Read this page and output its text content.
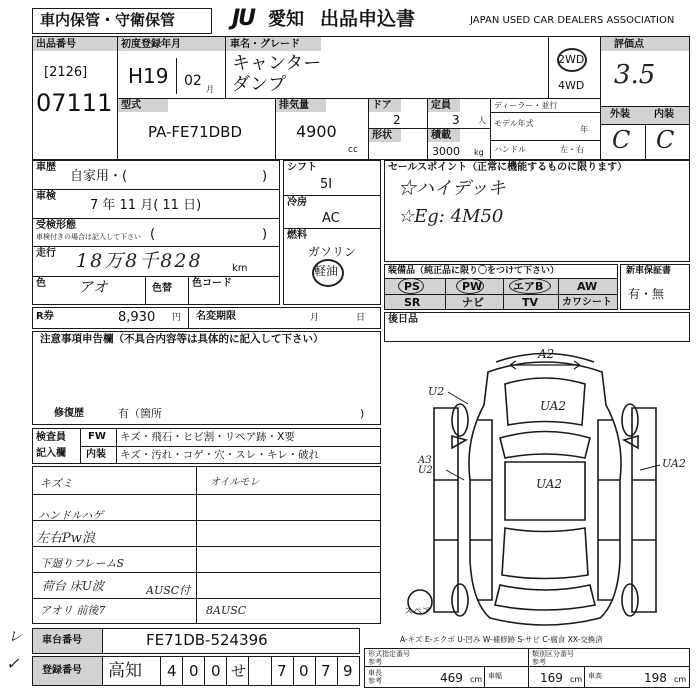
車内保管・守衛保管	JU 愛知 出品申込書	JAPAN USED CAR DEALERS ASSOCIATION
出品番号
[2126]
07111
初度登録年月
H19 02
月
車名・グレード
キャンター
ダンプ
2WD
4WD
評価点
3.5
型式
PA-FE71DBD
排気量
4900
cc
ドア
2
定員
3 人
形状	積載
3000 kg
ディーラー・並行
モデル年式
年
ハンドル	左・右
外装 内装
C C
車歴
自家用・(	)
車検
7 年 11 月( 11 日)
受検形態
車検付きの場合は記入して下さい (	)
走行 18万8千828	km
色 アオ	色替 色コード
シフト
5I
冷房
AC
燃料
ガソリン
軽油
セールスポイント（正常に機能するものに限ります）
☆ハイデッキ
☆Eg: 4M50
装備品（純正品に限り〇をつけて下さい）
PS	PW	エアB	AW
SR	ナビ	TV カワシート
新車保証書
有・無
R券	8,930 円 名変期限	月	日 後日品
注意事項申告欄（不具合内容等は具体的に記入して下さい）
修復歴	有（箇所	)
検査員
記入欄
FW キズ・飛石・ヒビ割・リペア跡・X要
内装 キズ・汚れ・コゲ・穴・スレ・キレ・破れ
キズミ	オイルモレ
ハンドルハゲ
左右Pw浪
下廻りフレームS
荷台 床U波	AUSC付
アオリ 前後7	8AUSC
レ
✓
車台番号	FE71DB-524396
登録番号 高知 4 0 0 せ 7 0 7 9
A2
UA2
U2
A3 U2
UA2
UA2
スペア
A-キズ E-エクボ U-凹み W-補修跡 S-サビ C-腐食 XX-交換済
形式指定番号
参考
類別区分番号
参考
車長
参考	469 cm 車幅	169 cm 車高	198 cm
